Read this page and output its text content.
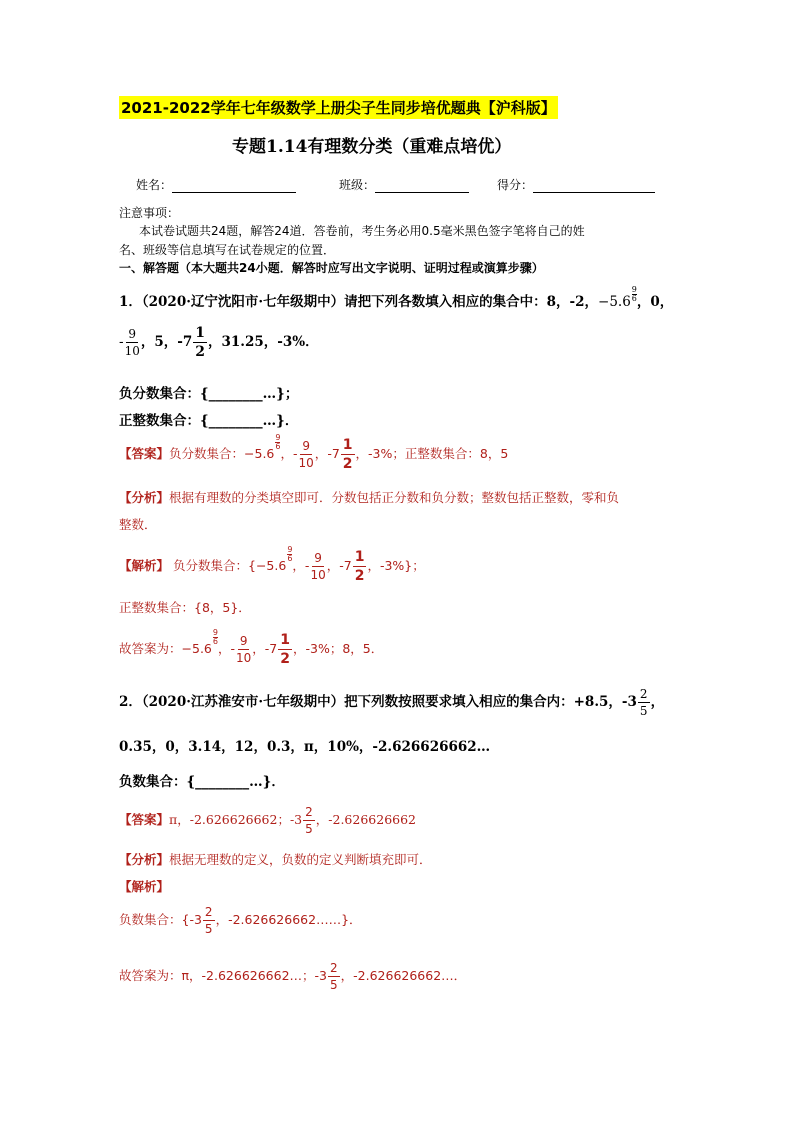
2021-2022学年七年级数学上册尖子生同步培优题典【沪科版】
专题1.14有理数分类（重难点培优）
姓名：	班级：	得分：
注意事项：
本试卷试题共24题，解答24道．答卷前，考生务必用0.5毫米黑色签字笔将自己的姓
名、班级等信息填写在试卷规定的位置．
一、解答题（本大题共24小题．解答时应写出文字说明、证明过程或演算步骤）
1．（2020·辽宁沈阳市·七年级期中）请把下列各数填入相应的集合中：8，-2，$-5.6 \frac{9}{6}$ ，0，
- $\frac{9}{10}$ ，5，$-7 \frac{1}{2}$ ，31.25，-3%．
负分数集合：{________…}；
正整数集合：{________…}．
【答案】负分数集合：−5.6
$\frac{9}{6}$
，- $\frac{9}{10}$ ，$-7 \frac{1}{2}$ ，-3%；正整数集合：8，5
【分析】根据有理数的分类填空即可．分数包括正分数和负分数；整数包括正整数，零和负
整数．
【解析】 负分数集合：{−5.6
$\frac{9}{6}$
，- $\frac{9}{10}$ ，$-7 \frac{1}{2}$ ，-3%}；
正整数集合：{8，5}．
故答案为：−5.6
$\frac{9}{6}$
，- $\frac{9}{10}$ ，$-7 \frac{1}{2}$ ，-3%；8，5．
2．（2020·江苏淮安市·七年级期中）把下列数按照要求填入相应的集合内：+8.5，$-3 \frac{2}{5}$ ，
0.35，0，3.14，12，0.3，π，10%，-2.626626662…
负数集合：{________…}．
【答案】π，-2.626626662；$-3 \frac{2}{5}$ ，-2.626626662
【分析】根据无理数的定义，负数的定义判断填充即可．
【解析】
负数集合：{$-3 \frac{2}{5}$ ，-2.626626662……}．
故答案为：π，-2.626626662…；$-3 \frac{2}{5}$ ，-2.626626662…．
